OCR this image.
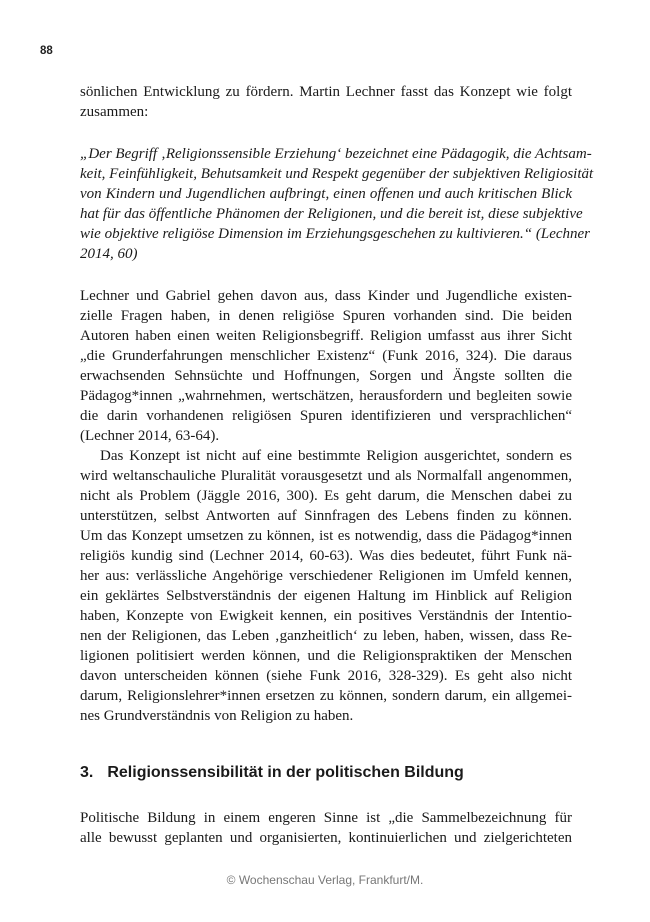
88
sönlichen Entwicklung zu fördern. Martin Lechner fasst das Konzept wie folgt
zusammen:
„Der Begriff ‚Religionssensible Erziehung‘ bezeichnet eine Pädagogik, die Achtsam-
keit, Feinfühligkeit, Behutsamkeit und Respekt gegenüber der subjektiven Religiosität
von Kindern und Jugendlichen aufbringt, einen offenen und auch kritischen Blick
hat für das öffentliche Phänomen der Religionen, und die bereit ist, diese subjektive
wie objektive religiöse Dimension im Erziehungsgeschehen zu kultivieren.“ (Lechner
2014, 60)
Lechner und Gabriel gehen davon aus, dass Kinder und Jugendliche existen-
zielle Fragen haben, in denen religiöse Spuren vorhanden sind. Die beiden
Autoren haben einen weiten Religionsbegriff. Religion umfasst aus ihrer Sicht
„die Grunderfahrungen menschlicher Existenz“ (Funk 2016, 324). Die daraus
erwachsenden Sehnsüchte und Hoffnungen, Sorgen und Ängste sollten die
Pädagog*innen „wahrnehmen, wertschätzen, herausfordern und begleiten sowie
die darin vorhandenen religiösen Spuren identifizieren und versprachlichen“
(Lechner 2014, 63-64).
Das Konzept ist nicht auf eine bestimmte Religion ausgerichtet, sondern es
wird weltanschauliche Pluralität vorausgesetzt und als Normalfall angenommen,
nicht als Problem (Jäggle 2016, 300). Es geht darum, die Menschen dabei zu
unterstützen, selbst Antworten auf Sinnfragen des Lebens finden zu können.
Um das Konzept umsetzen zu können, ist es notwendig, dass die Pädagog*innen
religiös kundig sind (Lechner 2014, 60-63). Was dies bedeutet, führt Funk nä-
her aus: verlässliche Angehörige verschiedener Religionen im Umfeld kennen,
ein geklärtes Selbstverständnis der eigenen Haltung im Hinblick auf Religion
haben, Konzepte von Ewigkeit kennen, ein positives Verständnis der Intentio-
nen der Religionen, das Leben ‚ganzheitlich‘ zu leben, haben, wissen, dass Re-
ligionen politisiert werden können, und die Religionspraktiken der Menschen
davon unterscheiden können (siehe Funk 2016, 328-329). Es geht also nicht
darum, Religionslehrer*innen ersetzen zu können, sondern darum, ein allgemei-
nes Grundverständnis von Religion zu haben.
3. Religionssensibilität in der politischen Bildung
Politische Bildung in einem engeren Sinne ist „die Sammelbezeichnung für
alle bewusst geplanten und organisierten, kontinuierlichen und zielgerichteten
© Wochenschau Verlag, Frankfurt/M.
